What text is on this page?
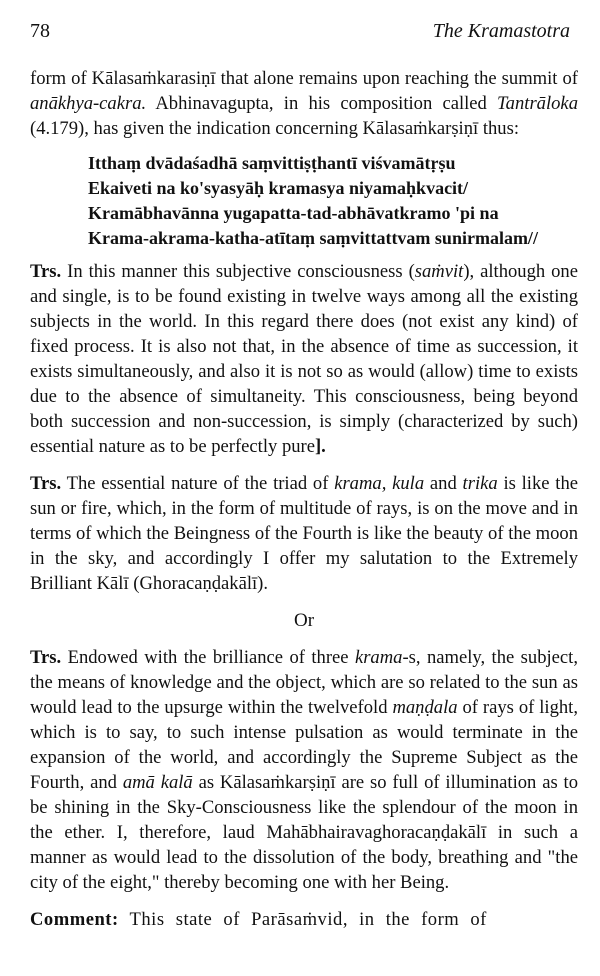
78	The Kramastotra

form of Kālasaṁkarasiṇī that alone remains upon reaching the summit of anākhya-cakra. Abhinavagupta, in his composition called Tantrāloka (4.179), has given the indication concerning Kālasaṁkarṣiṇī thus:

Itthaṃ dvādaśadhā saṃvittiṣṭhantī viśvamātṛṣu
Ekaiveti na ko'syasyāḥ kramasya niyamaḥkvacit/
Kramābhavānna yugapatta-tad-abhāvatkramo 'pi na
Krama-akrama-katha-atītaṃ saṃvittattvam sunirmalam//

Trs. In this manner this subjective consciousness (saṁvit), although one and single, is to be found existing in twelve ways among all the existing subjects in the world. In this regard there does (not exist any kind) of fixed process. It is also not that, in the absence of time as succession, it exists simultaneously, and also it is not so as would (allow) time to exists due to the absence of simultaneity. This consciousness, being beyond both succession and non-succession, is simply (characterized by such) essential nature as to be perfectly pure].

Trs. The essential nature of the triad of krama, kula and trika is like the sun or fire, which, in the form of multitude of rays, is on the move and in terms of which the Beingness of the Fourth is like the beauty of the moon in the sky, and accordingly I offer my salutation to the Extremely Brilliant Kālī (Ghoracaṇḍakālī).

Or

Trs. Endowed with the brilliance of three krama-s, namely, the subject, the means of knowledge and the object, which are so related to the sun as would lead to the upsurge within the twelvefold maṇḍala of rays of light, which is to say, to such intense pulsation as would terminate in the expansion of the world, and accordingly the Supreme Subject as the Fourth, and amā kalā as Kālasaṁkarṣiṇī are so full of illumination as to be shining in the Sky-Consciousness like the splendour of the moon in the ether. I, therefore, laud Mahābhairavaghoracaṇḍakālī in such a manner as would lead to the dissolution of the body, breathing and "the city of the eight," thereby becoming one with her Being.

Comment: This state of Parāsaṁvid, in the form of
